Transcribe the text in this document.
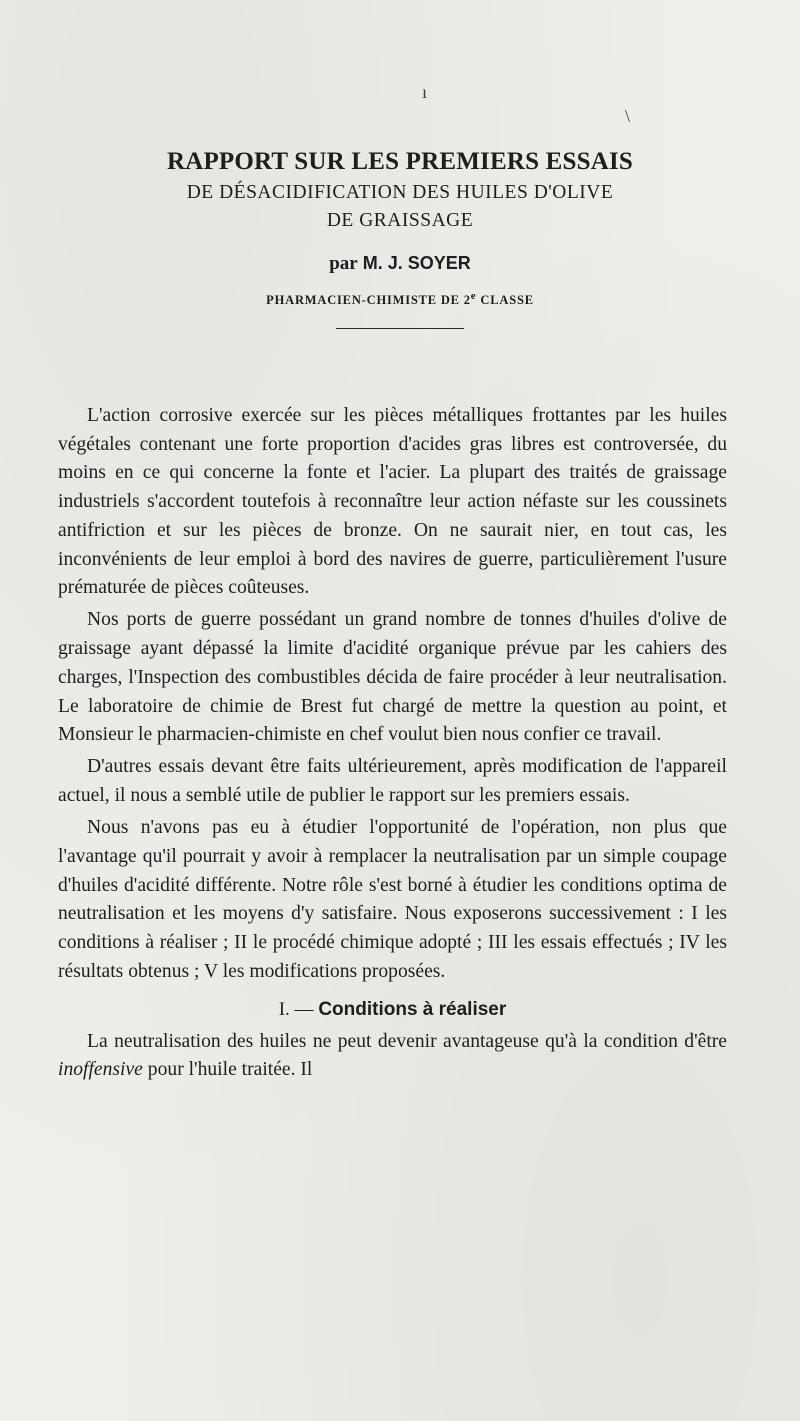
ı
\
RAPPORT SUR LES PREMIERS ESSAIS
DE DÉSACIDIFICATION DES HUILES D'OLIVE
DE GRAISSAGE
par M. J. SOYER
PHARMACIEN-CHIMISTE DE 2e CLASSE

L'action corrosive exercée sur les pièces métalliques frottantes par les huiles végétales contenant une forte proportion d'acides gras libres est controversée, du moins en ce qui concerne la fonte et l'acier. La plupart des traités de graissage industriels s'accordent toutefois à reconnaître leur action néfaste sur les coussinets antifriction et sur les pièces de bronze. On ne saurait nier, en tout cas, les inconvénients de leur emploi à bord des navires de guerre, particulièrement l'usure prématurée de pièces coûteuses.

Nos ports de guerre possédant un grand nombre de tonnes d'huiles d'olive de graissage ayant dépassé la limite d'acidité organique prévue par les cahiers des charges, l'Inspection des combustibles décida de faire procéder à leur neutralisation. Le laboratoire de chimie de Brest fut chargé de mettre la question au point, et Monsieur le pharmacien-chimiste en chef voulut bien nous confier ce travail.

D'autres essais devant être faits ultérieurement, après modification de l'appareil actuel, il nous a semblé utile de publier le rapport sur les premiers essais.

Nous n'avons pas eu à étudier l'opportunité de l'opération, non plus que l'avantage qu'il pourrait y avoir à remplacer la neutralisation par un simple coupage d'huiles d'acidité différente. Notre rôle s'est borné à étudier les conditions optima de neutralisation et les moyens d'y satisfaire. Nous exposerons successivement : I les conditions à réaliser ; II le procédé chimique adopté ; III les essais effectués ; IV les résultats obtenus ; V les modifications proposées.

I. — Conditions à réaliser

La neutralisation des huiles ne peut devenir avantageuse qu'à la condition d'être inoffensive pour l'huile traitée. Il
